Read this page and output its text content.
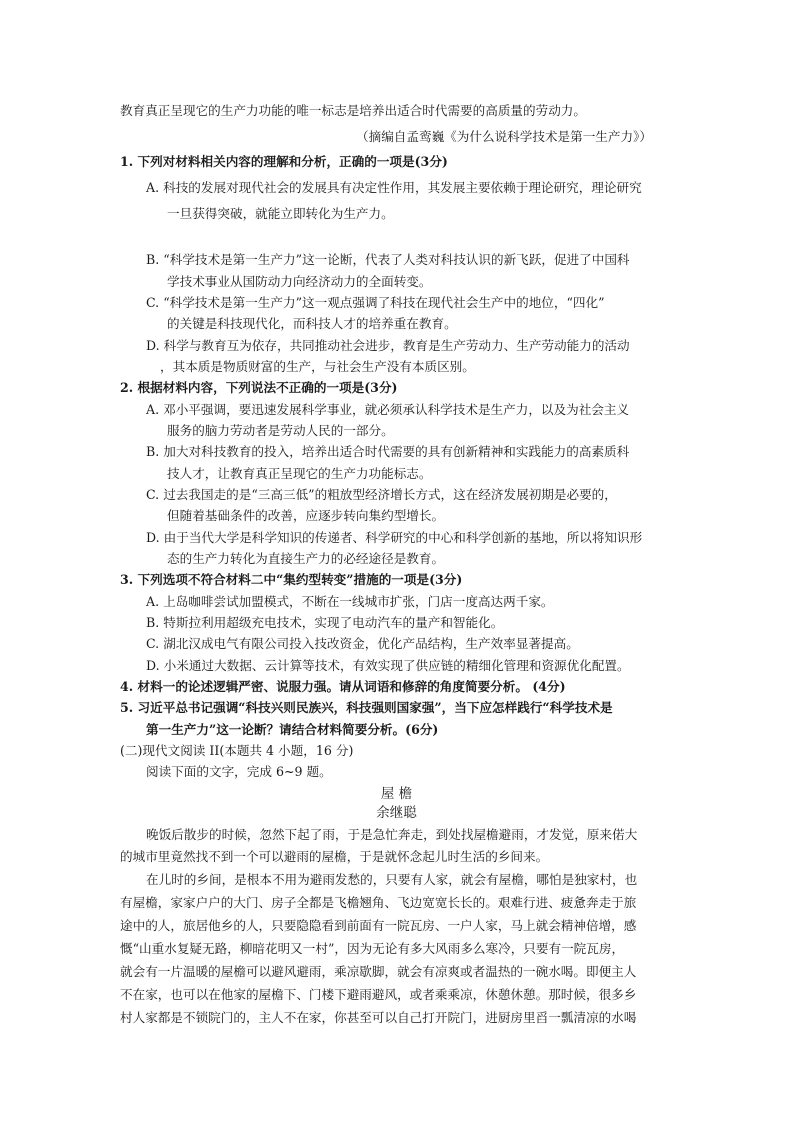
教育真正呈现它的生产力功能的唯一标志是培养出适合时代需要的高质量的劳动力。
（摘编自孟鸾巍《为什么说科学技术是第一生产力》）
1. 下列对材料相关内容的理解和分析，正确的一项是(3分)
A. 科技的发展对现代社会的发展具有决定性作用，其发展主要依赖于理论研究，理论研究
一旦获得突破，就能立即转化为生产力。
B. “科学技术是第一生产力”这一论断，代表了人类对科技认识的新飞跃，促进了中国科
学技术事业从国防动力向经济动力的全面转变。
C. “科学技术是第一生产力”这一观点强调了科技在现代社会生产中的地位，“四化”
的关键是科技现代化，而科技人才的培养重在教育。
D. 科学与教育互为依存，共同推动社会进步，教育是生产劳动力、生产劳动能力的活动
，其本质是物质财富的生产，与社会生产没有本质区别。
2. 根据材料内容，下列说法不正确的一项是(3分)
A. 邓小平强调，要迅速发展科学事业，就必须承认科学技术是生产力，以及为社会主义
服务的脑力劳动者是劳动人民的一部分。
B. 加大对科技教育的投入，培养出适合时代需要的具有创新精神和实践能力的高素质科
技人才，让教育真正呈现它的生产力功能标志。
C. 过去我国走的是“三高三低”的粗放型经济增长方式，这在经济发展初期是必要的，
但随着基础条件的改善，应逐步转向集约型增长。
D. 由于当代大学是科学知识的传递者、科学研究的中心和科学创新的基地，所以将知识形
态的生产力转化为直接生产力的必经途径是教育。
3. 下列选项不符合材料二中“集约型转变”措施的一项是(3分)
A. 上岛咖啡尝试加盟模式，不断在一线城市扩张，门店一度高达两千家。
B. 特斯拉利用超级充电技术，实现了电动汽车的量产和智能化。
C. 湖北汉成电气有限公司投入技改资金，优化产品结构，生产效率显著提高。
D. 小米通过大数据、云计算等技术，有效实现了供应链的精细化管理和资源优化配置。
4. 材料一的论述逻辑严密、说服力强。请从词语和修辞的角度简要分析。 (4分)
5. 习近平总书记强调“科技兴则民族兴，科技强则国家强”，当下应怎样践行“科学技术是
第一生产力”这一论断？请结合材料简要分析。(6分)
(二)现代文阅读 II(本题共 4 小题，16 分)
阅读下面的文字，完成 6~9 题。
屋 檐
余继聪
晚饭后散步的时候，忽然下起了雨，于是急忙奔走，到处找屋檐避雨，才发觉，原来偌大
的城市里竟然找不到一个可以避雨的屋檐，于是就怀念起儿时生活的乡间来。
在儿时的乡间，是根本不用为避雨发愁的，只要有人家，就会有屋檐，哪怕是独家村，也
有屋檐，家家户户的大门、房子全都是飞檐翘角、飞边宽宽长长的。艰难行进、疲惫奔走于旅
途中的人，旅居他乡的人，只要隐隐看到前面有一院瓦房、一户人家，马上就会精神倍增，感
慨“山重水复疑无路，柳暗花明又一村”，因为无论有多大风雨多么寒冷，只要有一院瓦房，
就会有一片温暖的屋檐可以避风避雨，乘凉歇脚，就会有凉爽或者温热的一碗水喝。即便主人
不在家，也可以在他家的屋檐下、门楼下避雨避风，或者乘乘凉，休憩休憩。那时候，很多乡
村人家都是不锁院门的，主人不在家，你甚至可以自己打开院门，进厨房里舀一瓢清凉的水喝
